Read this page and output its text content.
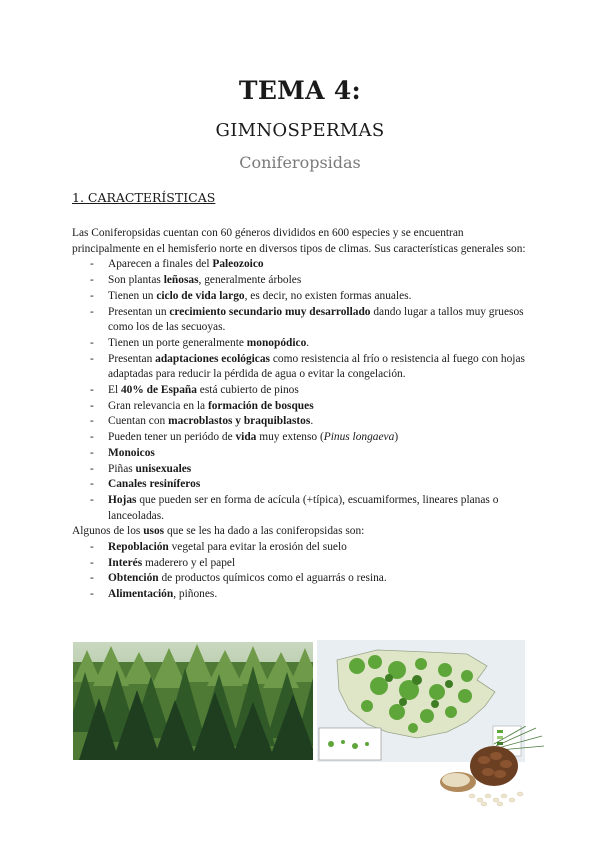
TEMA 4:
GIMNOSPERMAS
Coniferopsidas
1. CARACTERÍSTICAS

Las Coniferopsidas cuentan con 60 géneros divididos en 600 especies y se encuentran principalmente en el hemisferio norte en diversos tipos de climas. Sus características generales son:

- Aparecen a finales del Paleozoico
- Son plantas leñosas, generalmente árboles
- Tienen un ciclo de vida largo, es decir, no existen formas anuales.
- Presentan un crecimiento secundario muy desarrollado dando lugar a tallos muy gruesos como los de las secuoyas.
- Tienen un porte generalmente monopódico.
- Presentan adaptaciones ecológicas como resistencia al frío o resistencia al fuego con hojas adaptadas para reducir la pérdida de agua o evitar la congelación.
- El 40% de España está cubierto de pinos
- Gran relevancia en la formación de bosques
- Cuentan con macroblastos y braquiblastos.
- Pueden tener un periódo de vida muy extenso (Pinus longaeva)
- Monoicos
- Piñas unisexuales
- Canales resiníferos
- Hojas que pueden ser en forma de acícula (+típica), escuamiformes, lineares planas o lanceoladas.

Algunos de los usos que se les ha dado a las coniferopsidas son:

- Repoblación vegetal para evitar la erosión del suelo
- Interés maderero y el papel
- Obtención de productos químicos como el aguarrás o resina.
- Alimentación, piñones.
